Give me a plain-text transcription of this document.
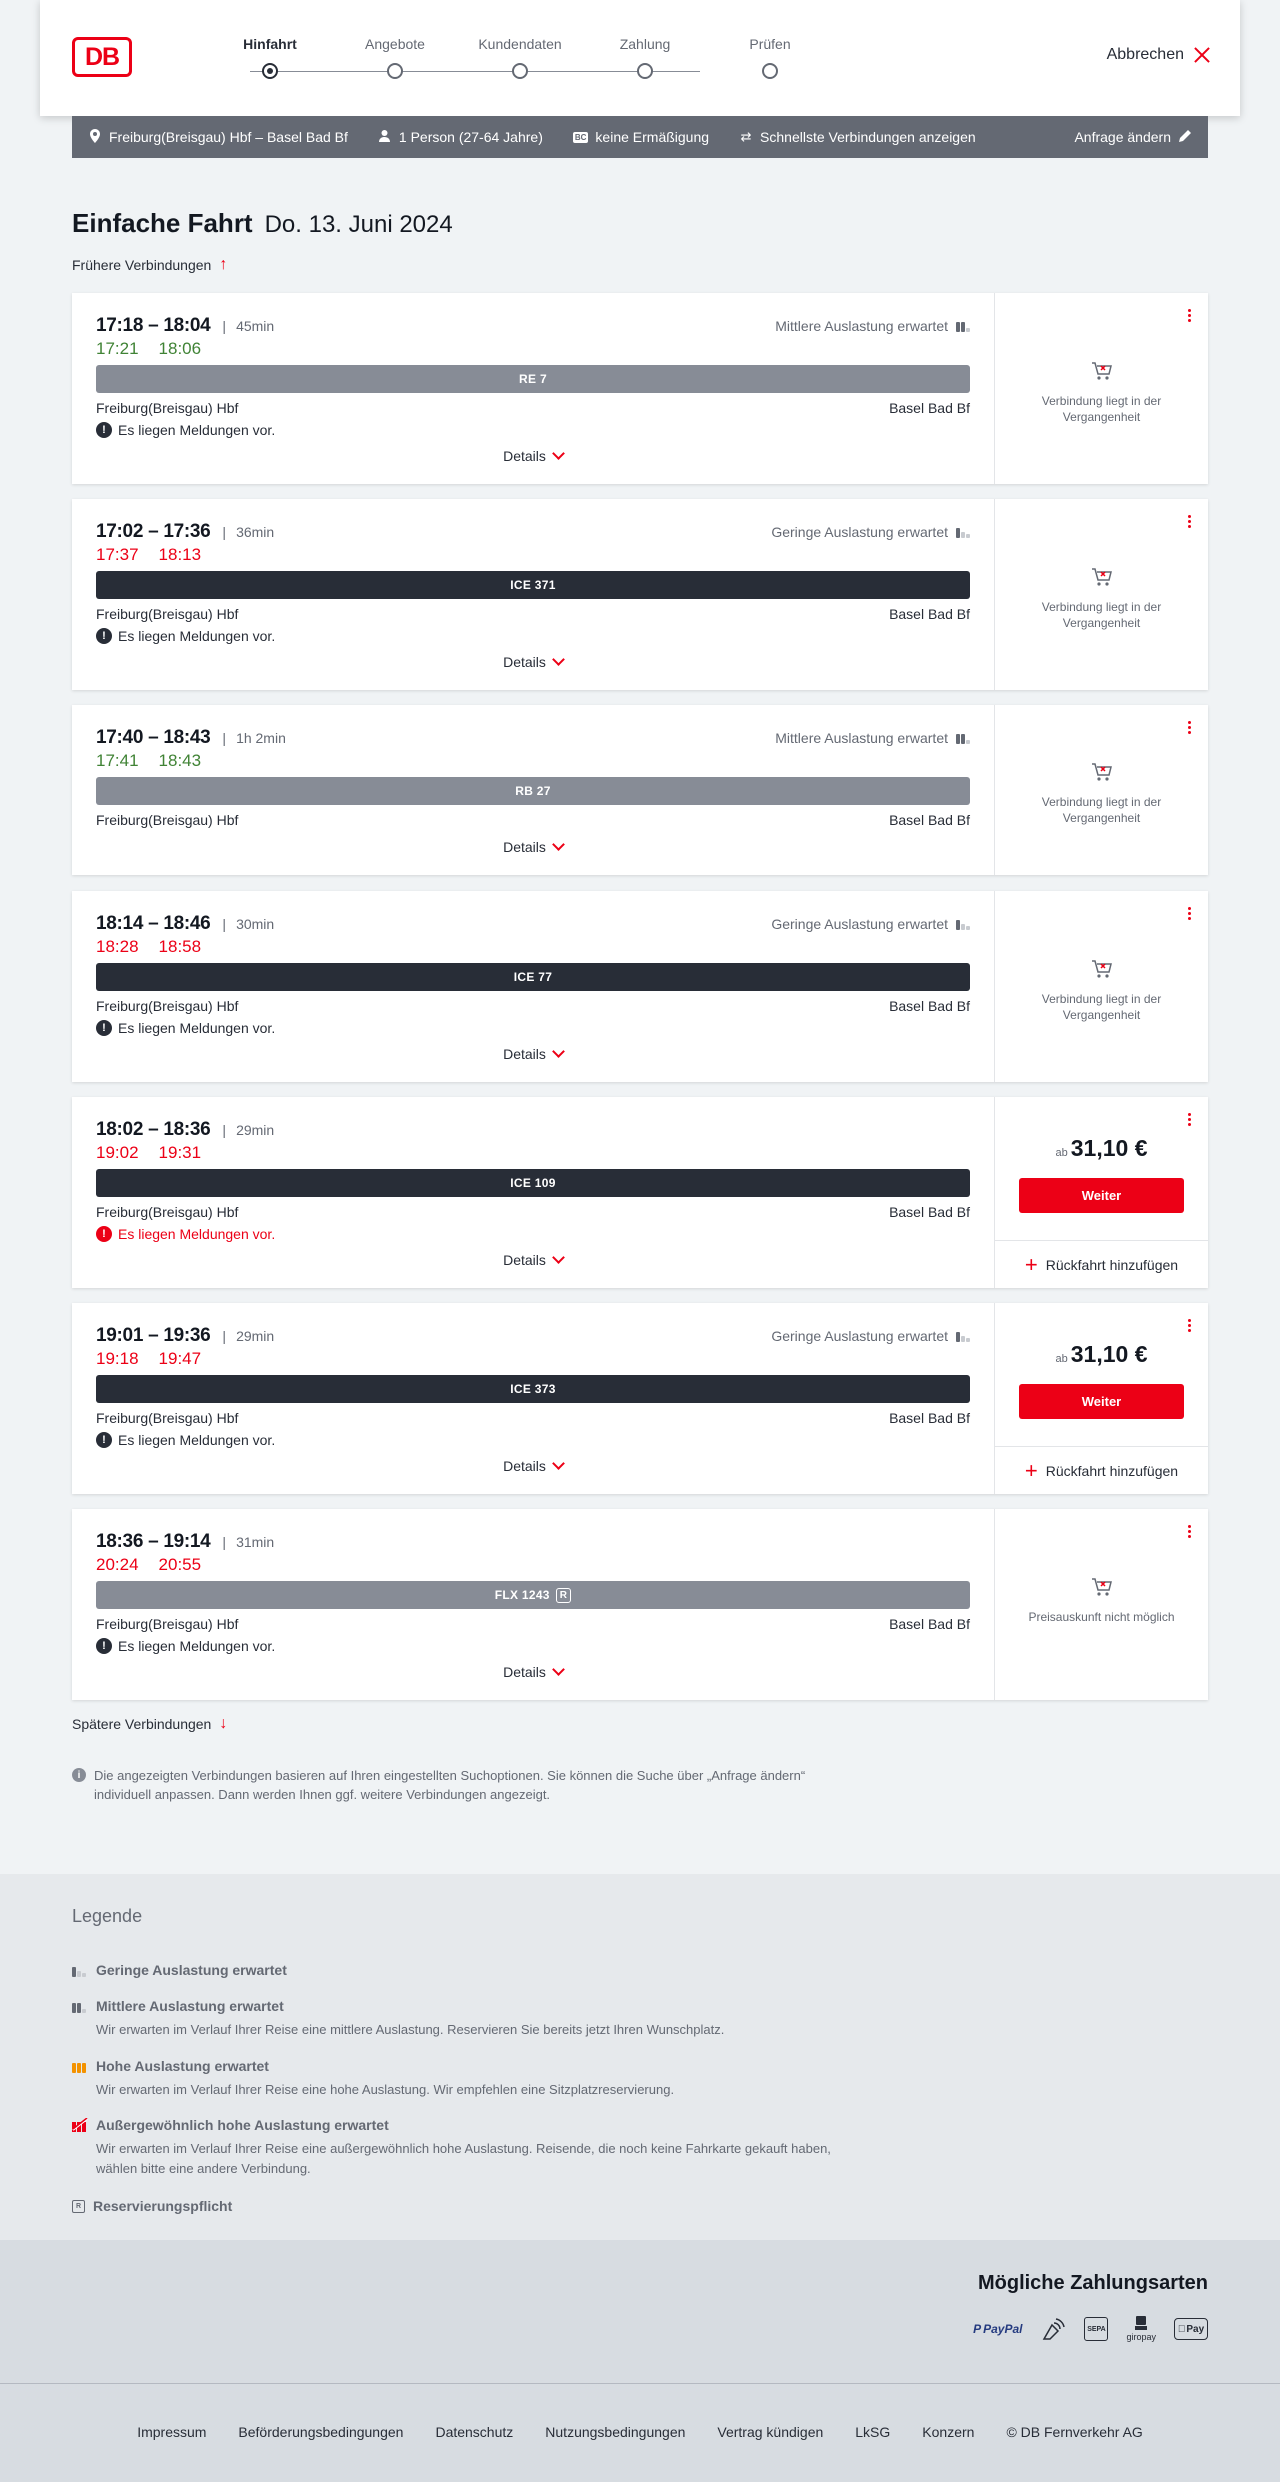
DB	Hinfahrt	Angebote	Kundendaten	Zahlung	Prüfen
Abbrechen
Freiburg(Breisgau) Hbf – Basel Bad Bf	1 Person (27-64 Jahre)	BC keine Ermäßigung ⇄ Schnellste Verbindungen anzeigen	Anfrage ändern
Einfache Fahrt Do. 13. Juni 2024
Frühere Verbindungen ↑
17:18 – 18:04 | 45min
17:21 18:06
Mittlere Auslastung erwartet
RE 7
Freiburg(Breisgau) Hbf	Basel Bad Bf
! Es liegen Meldungen vor.
Details
Verbindung liegt in der Vergangenheit
17:02 – 17:36 | 36min
17:37 18:13
Geringe Auslastung erwartet
ICE 371
Freiburg(Breisgau) Hbf	Basel Bad Bf
! Es liegen Meldungen vor.
Details
Verbindung liegt in der Vergangenheit
17:40 – 18:43 | 1h 2min
17:41 18:43
Mittlere Auslastung erwartet
RB 27
Freiburg(Breisgau) Hbf	Basel Bad Bf
Details
Verbindung liegt in der Vergangenheit
18:14 – 18:46 | 30min
18:28 18:58
Geringe Auslastung erwartet
ICE 77
Freiburg(Breisgau) Hbf	Basel Bad Bf
! Es liegen Meldungen vor.
Details
Verbindung liegt in der Vergangenheit
18:02 – 18:36 | 29min
19:02 19:31
ICE 109
Freiburg(Breisgau) Hbf	Basel Bad Bf
! Es liegen Meldungen vor.
Details
ab 31,10 €
Weiter
+ Rückfahrt hinzufügen
19:01 – 19:36 | 29min
19:18 19:47
Geringe Auslastung erwartet
ICE 373
Freiburg(Breisgau) Hbf	Basel Bad Bf
! Es liegen Meldungen vor.
Details
ab 31,10 €
Weiter
+ Rückfahrt hinzufügen
18:36 – 19:14 | 31min
20:24 20:55
FLX 1243	R
Freiburg(Breisgau) Hbf	Basel Bad Bf
! Es liegen Meldungen vor.
Details
Preisauskunft nicht möglich
Spätere Verbindungen ↓
i	Die angezeigten Verbindungen basieren auf Ihren eingestellten Suchoptionen. Sie können die Suche über „Anfrage ändern“ individuell anpassen. Dann werden Ihnen ggf. weitere Verbindungen angezeigt.
Legende
Geringe Auslastung erwartet
Mittlere Auslastung erwartet
Wir erwarten im Verlauf Ihrer Reise eine mittlere Auslastung. Reservieren Sie bereits jetzt Ihren Wunschplatz.
Hohe Auslastung erwartet
Wir erwarten im Verlauf Ihrer Reise eine hohe Auslastung. Wir empfehlen eine Sitzplatzreservierung.
Außergewöhnlich hohe Auslastung erwartet
Wir erwarten im Verlauf Ihrer Reise eine außergewöhnlich hohe Auslastung. Reisende, die noch keine Fahrkarte gekauft haben, wählen bitte eine andere Verbindung.
R Reservierungspflicht
Mögliche Zahlungsarten
P PayPal	SEPA
giropay
Pay
Impressum Beförderungsbedingungen Datenschutz Nutzungsbedingungen Vertrag kündigen LkSG Konzern © DB Fernverkehr AG
